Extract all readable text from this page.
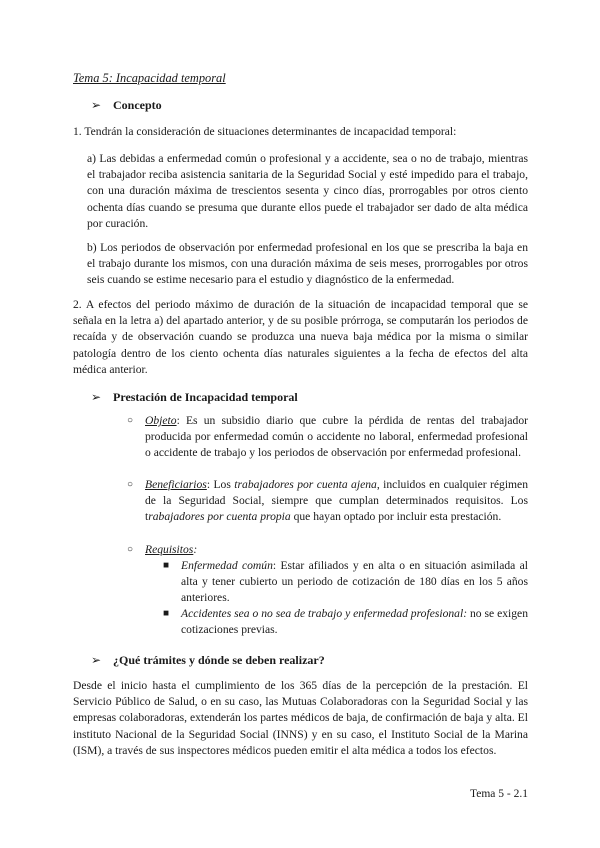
Tema 5: Incapacidad temporal
➢ Concepto
1. Tendrán la consideración de situaciones determinantes de incapacidad temporal:
a) Las debidas a enfermedad común o profesional y a accidente, sea o no de trabajo, mientras el trabajador reciba asistencia sanitaria de la Seguridad Social y esté impedido para el trabajo, con una duración máxima de trescientos sesenta y cinco días, prorrogables por otros ciento ochenta días cuando se presuma que durante ellos puede el trabajador ser dado de alta médica por curación.
b) Los periodos de observación por enfermedad profesional en los que se prescriba la baja en el trabajo durante los mismos, con una duración máxima de seis meses, prorrogables por otros seis cuando se estime necesario para el estudio y diagnóstico de la enfermedad.
2. A efectos del periodo máximo de duración de la situación de incapacidad temporal que se señala en la letra a) del apartado anterior, y de su posible prórroga, se computarán los periodos de recaída y de observación cuando se produzca una nueva baja médica por la misma o similar patología dentro de los ciento ochenta días naturales siguientes a la fecha de efectos del alta médica anterior.
➢ Prestación de Incapacidad temporal
○ Objeto: Es un subsidio diario que cubre la pérdida de rentas del trabajador producida por enfermedad común o accidente no laboral, enfermedad profesional o accidente de trabajo y los periodos de observación por enfermedad profesional.
○ Beneficiarios: Los trabajadores por cuenta ajena, incluidos en cualquier régimen de la Seguridad Social, siempre que cumplan determinados requisitos. Los trabajadores por cuenta propia que hayan optado por incluir esta prestación.
○ Requisitos:
■ Enfermedad común: Estar afiliados y en alta o en situación asimilada al alta y tener cubierto un periodo de cotización de 180 días en los 5 años anteriores.
■ Accidentes sea o no sea de trabajo y enfermedad profesional: no se exigen cotizaciones previas.
➢ ¿Qué trámites y dónde se deben realizar?
Desde el inicio hasta el cumplimiento de los 365 días de la percepción de la prestación. El Servicio Público de Salud, o en su caso, las Mutuas Colaboradoras con la Seguridad Social y las empresas colaboradoras, extenderán los partes médicos de baja, de confirmación de baja y alta. El instituto Nacional de la Seguridad Social (INNS) y en su caso, el Instituto Social de la Marina (ISM), a través de sus inspectores médicos pueden emitir el alta médica a todos los efectos.
Tema 5 - 2.1
